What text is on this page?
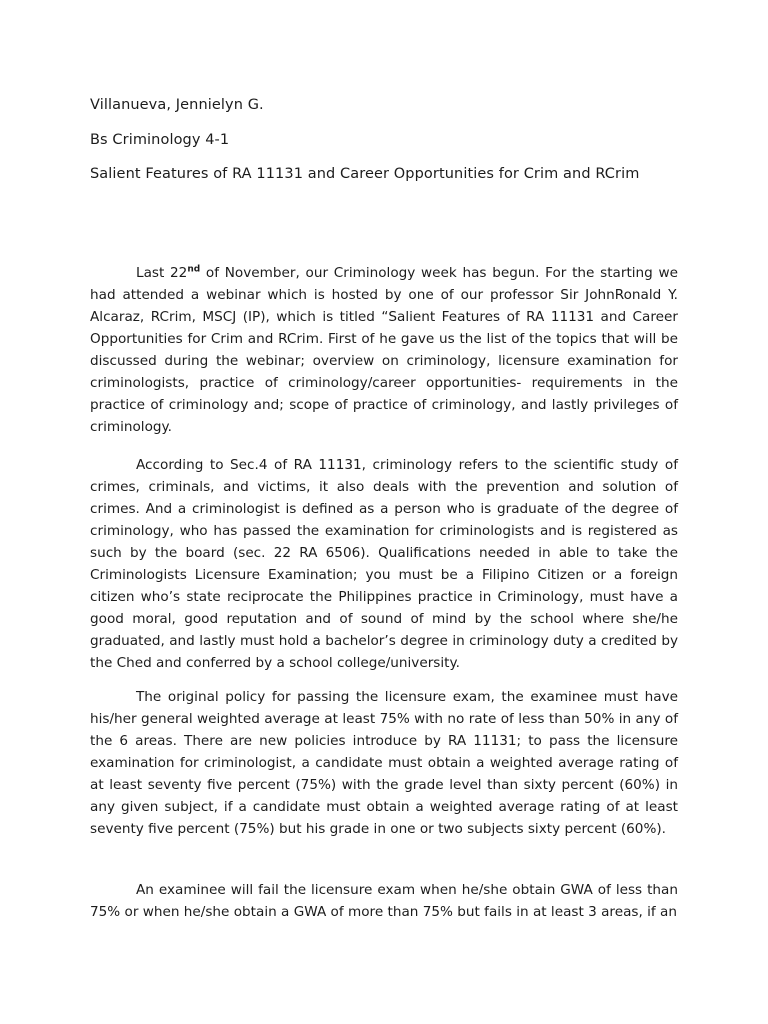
Villanueva, Jennielyn G.
Bs Criminology 4-1
Salient Features of RA 11131 and Career Opportunities for Crim and RCrim

Last 22nd of November, our Criminology week has begun. For the starting we had attended a webinar which is hosted by one of our professor Sir JohnRonald Y. Alcaraz, RCrim, MSCJ (IP), which is titled “Salient Features of RA 11131 and Career Opportunities for Crim and RCrim. First of he gave us the list of the topics that will be discussed during the webinar; overview on criminology, licensure examination for criminologists, practice of criminology/career opportunities- requirements in the practice of criminology and; scope of practice of criminology, and lastly privileges of criminology.

According to Sec.4 of RA 11131, criminology refers to the scientific study of crimes, criminals, and victims, it also deals with the prevention and solution of crimes. And a criminologist is defined as a person who is graduate of the degree of criminology, who has passed the examination for criminologists and is registered as such by the board (sec. 22 RA 6506). Qualifications needed in able to take the Criminologists Licensure Examination; you must be a Filipino Citizen or a foreign citizen who’s state reciprocate the Philippines practice in Criminology, must have a good moral, good reputation and of sound of mind by the school where she/he graduated, and lastly must hold a bachelor’s degree in criminology duty a credited by the Ched and conferred by a school college/university.

The original policy for passing the licensure exam, the examinee must have his/her general weighted average at least 75% with no rate of less than 50% in any of the 6 areas. There are new policies introduce by RA 11131; to pass the licensure examination for criminologist, a candidate must obtain a weighted average rating of at least seventy five percent (75%) with the grade level than sixty percent (60%) in any given subject, if a candidate must obtain a weighted average rating of at least seventy five percent (75%) but his grade in one or two subjects sixty percent (60%).

An examinee will fail the licensure exam when he/she obtain GWA of less than 75% or when he/she obtain a GWA of more than 75% but fails in at least 3 areas, if an
